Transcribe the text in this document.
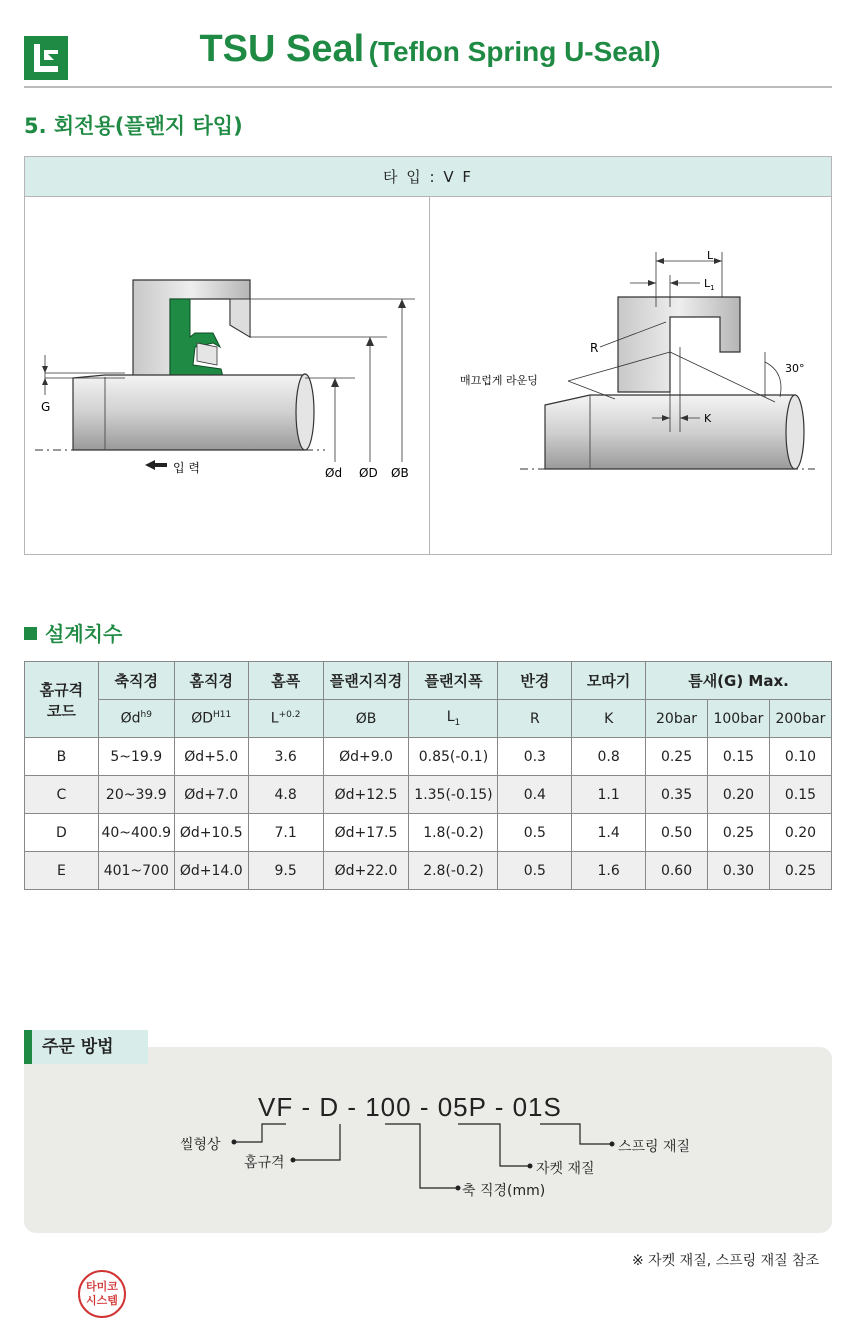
TSU Seal (Teflon Spring U-Seal)
5. 회전용(플랜지 타입)
타 입 : V F
G
입 력	Ød ØD ØB
L
$L_1$
R
매끄럽게 라운딩
30°
K
설계치수
홈규격
코드	축직경	홈직경	홈폭	플랜지직경	플랜지폭	반경	모따기	틈새(G) Max.		
	$Ød^{h9}$	$ØD^{H11}$	$L^{+0.2}$	ØB	$L_1$	R	K	20bar	100bar	200bar
B	5~19.9	Ød+5.0	3.6	Ød+9.0	0.85(-0.1)	0.3	0.8	0.25	0.15	0.10
C	20~39.9	Ød+7.0	4.8	Ød+12.5	1.35(-0.15)	0.4	1.1	0.35	0.20	0.15
D	40~400.9	Ød+10.5	7.1	Ød+17.5	1.8(-0.2)	0.5	1.4	0.50	0.25	0.20
E	401~700	Ød+14.0	9.5	Ød+22.0	2.8(-0.2)	0.5	1.6	0.60	0.30	0.25
주문 방법
VF - D - 100 - 05P - 01S
씰형상
홈규격
축 직경(mm)
자켓 재질
스프링 재질
※ 자켓 재질, 스프링 재질 참조
타미코
시스템
